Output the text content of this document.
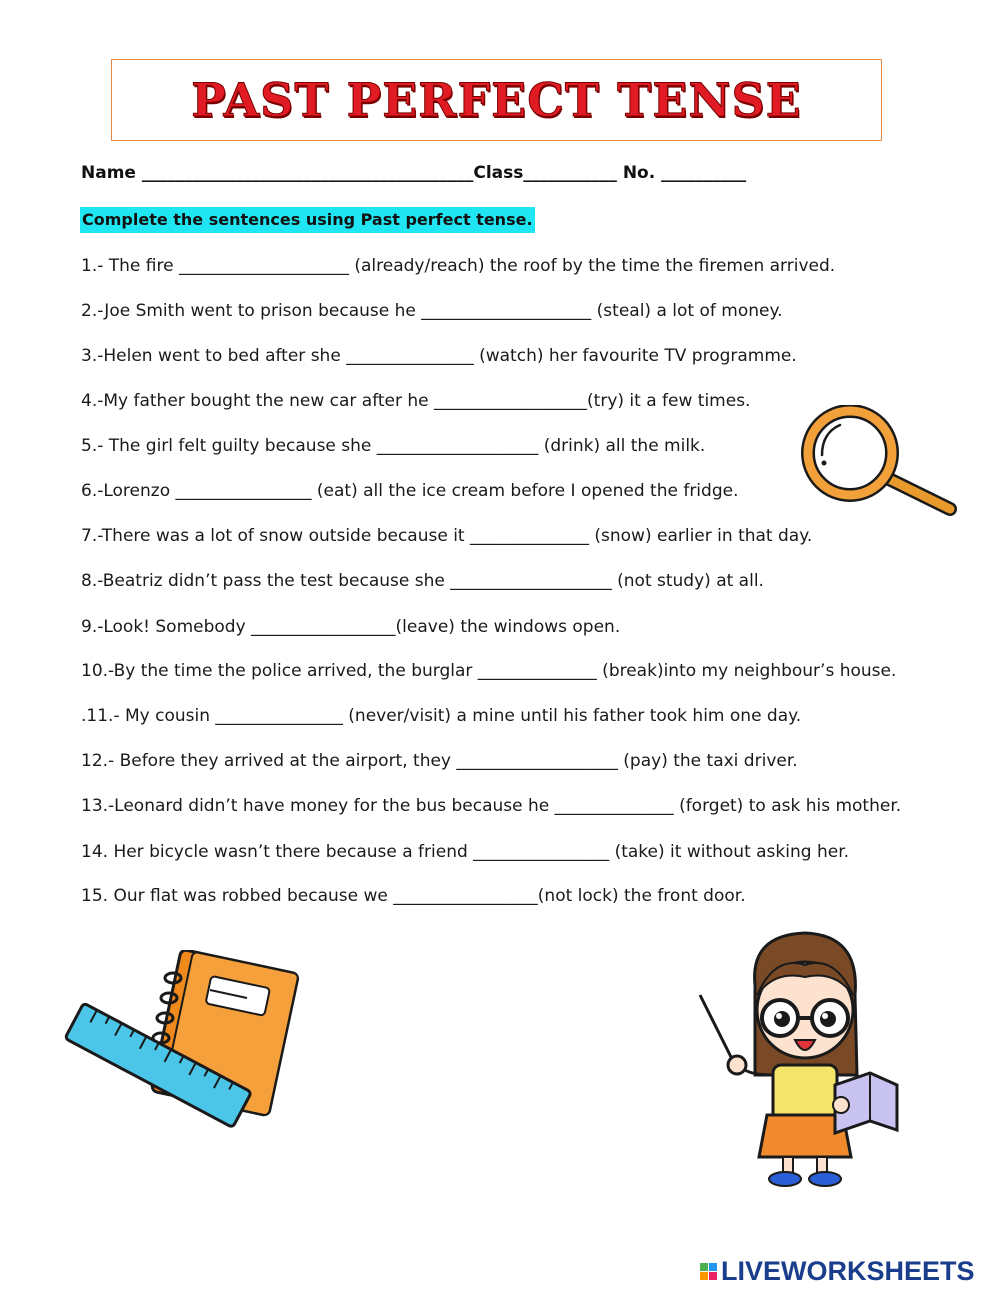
PAST PERFECT TENSE
Name _______________________________________Class___________ No. __________
Complete the sentences using Past perfect tense.
1.- The fire ____________________ (already/reach) the roof by the time the firemen arrived.
2.-Joe Smith went to prison because he ____________________ (steal) a lot of money.
3.-Helen went to bed after she _______________ (watch) her favourite TV programme.
4.-My father bought the new car after he __________________(try) it a few times.
5.- The girl felt guilty because she ___________________ (drink) all the milk.
6.-Lorenzo ________________ (eat) all the ice cream before I opened the fridge.
7.-There was a lot of snow outside because it ______________ (snow) earlier in that day.
8.-Beatriz didn’t pass the test because she ___________________ (not study) at all.
9.-Look! Somebody _________________(leave) the windows open.
10.-By the time the police arrived, the burglar ______________ (break)into my neighbour’s house.
.11.- My cousin _______________ (never/visit) a mine until his father took him one day.
12.- Before they arrived at the airport, they ___________________ (pay) the taxi driver.
13.-Leonard didn’t have money for the bus because he ______________ (forget) to ask his mother.
14. Her bicycle wasn’t there because a friend ________________ (take) it without asking her.
15. Our flat was robbed because we _________________(not lock) the front door.
LIVEWORKSHEETS
